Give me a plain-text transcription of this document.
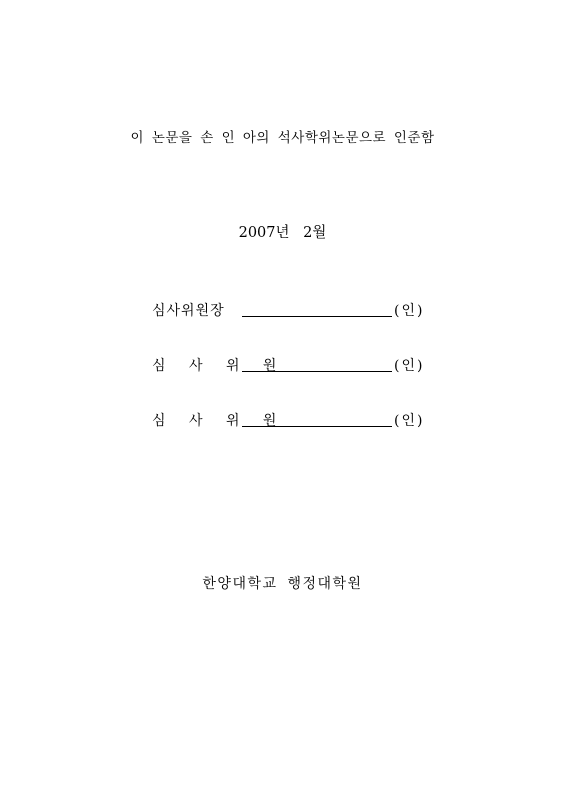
이 논문을 손 인 아의 석사학위논문으로 인준함
2007년 2월
심사위원장	(인)
심 사 위 원	(인)
심 사 위 원	(인)
한양대학교 행정대학원
